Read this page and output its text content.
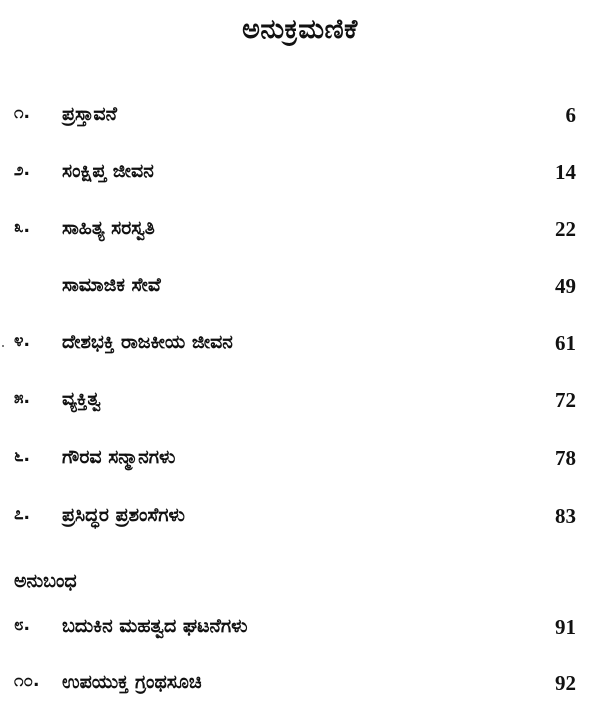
ಅನುಕ್ರಮಣಿಕೆ
೧. ಪ್ರಸ್ತಾವನೆ	6
೨. ಸಂಕ್ಷಿಪ್ತ ಜೀವನ	14
೩. ಸಾಹಿತ್ಯ ಸರಸ್ವತಿ	22
ಸಾಮಾಜಿಕ ಸೇವೆ	49
೪. ದೇಶಭಕ್ತಿ ರಾಜಕೀಯ ಜೀವನ	61
೫. ವ್ಯಕ್ತಿತ್ವ	72
೬. ಗೌರವ ಸನ್ಮಾನಗಳು	78
೭. ಪ್ರಸಿದ್ಧರ ಪ್ರಶಂಸೆಗಳು	83
ಅನುಬಂಧ
೮. ಬದುಕಿನ ಮಹತ್ವದ ಘಟನೆಗಳು	91
೧೦. ಉಪಯುಕ್ತ ಗ್ರಂಥಸೂಚಿ	92
